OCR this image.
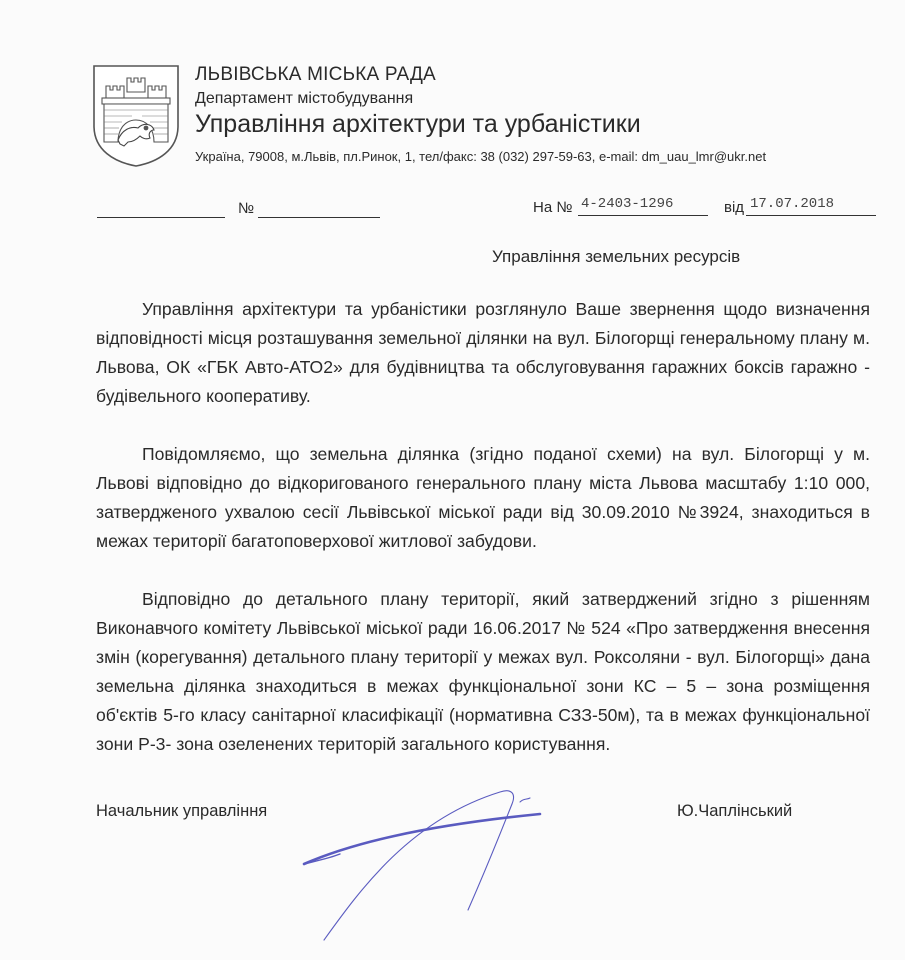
ЛЬВІВСЬКА МІСЬКА РАДА
Департамент містобудування
Управління архітектури та урбаністики
Україна, 79008, м.Львів, пл.Ринок, 1, тел/факс: 38 (032) 297-59-63, e-mail: dm_uau_lmr@ukr.net
№	На № 4-2403-1296	від 17.07.2018
Управління земельних ресурсів

Управління архітектури та урбаністики розглянуло Ваше звернення щодо визначення відповідності місця розташування земельної ділянки на вул. Білогорщі генеральному плану м. Львова, ОК «ГБК Авто-АТО2» для будівництва та обслуговування гаражних боксів гаражно - будівельного кооперативу.

Повідомляємо, що земельна ділянка (згідно поданої схеми) на вул. Білогорщі у м. Львові відповідно до відкоригованого генерального плану міста Львова масштабу 1:10 000, затвердженого ухвалою сесії Львівської міської ради від 30.09.2010 №3924, знаходиться в межах території багатоповерхової житлової забудови.

Відповідно до детального плану території, який затверджений згідно з рішенням Виконавчого комітету Львівської міської ради 16.06.2017 № 524 «Про затвердження внесення змін (корегування) детального плану території у межах вул. Роксоляни - вул. Білогорщі» дана земельна ділянка знаходиться в межах функціональної зони КС – 5 – зона розміщення об'єктів 5-го класу санітарної класифікації (нормативна СЗЗ-50м), та в межах функціональної зони Р-3- зона озеленених територій загального користування.

Начальник управління	Ю.Чаплінський
